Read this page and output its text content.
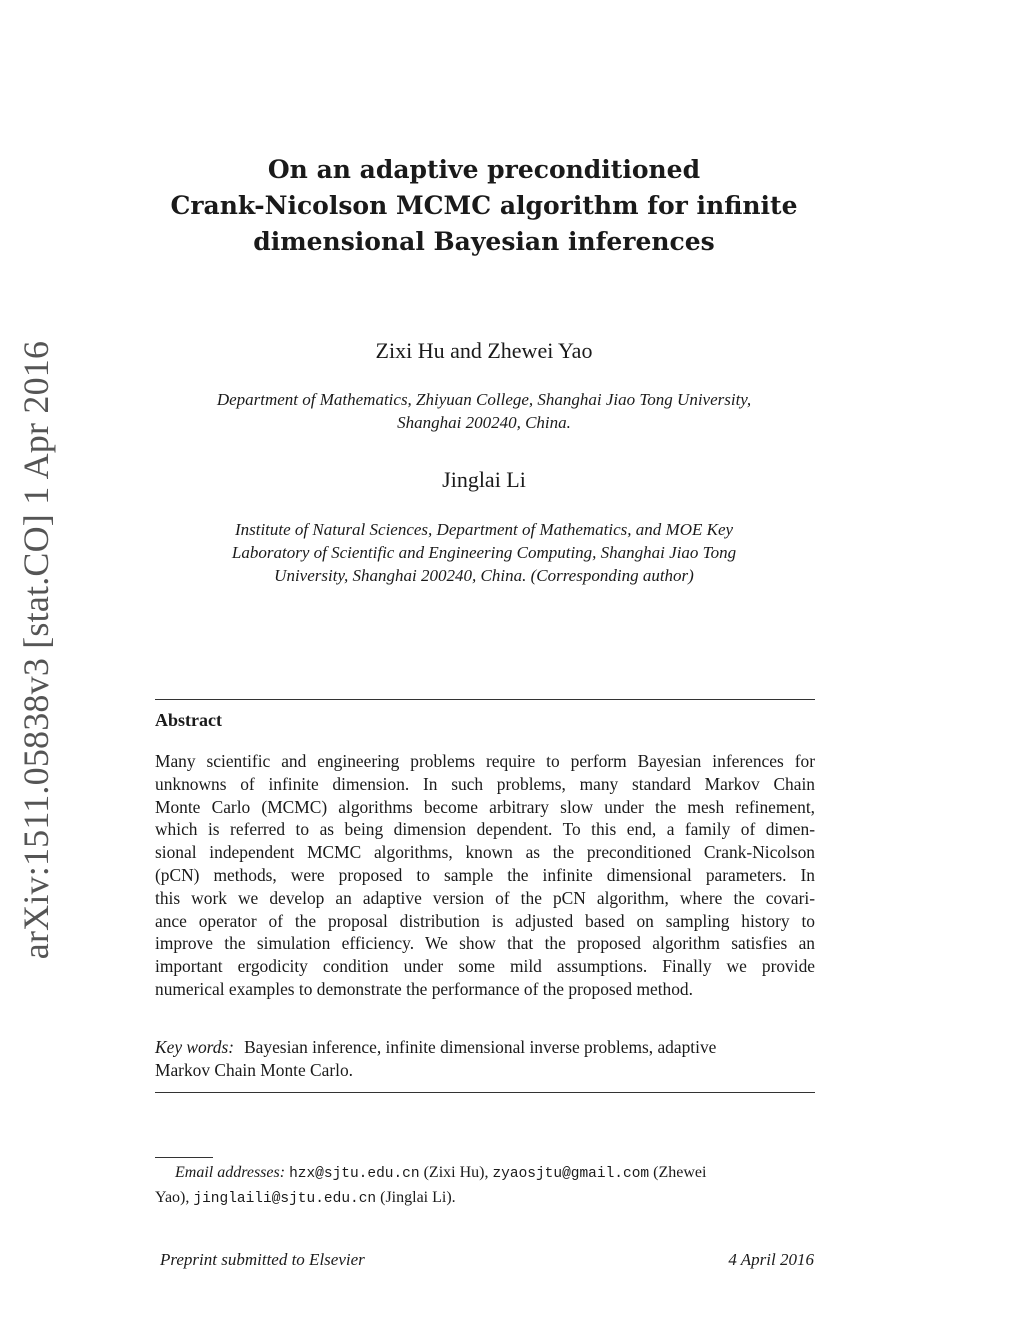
arXiv:1511.05838v3 [stat.CO] 1 Apr 2016
On an adaptive preconditioned
Crank-Nicolson MCMC algorithm for infinite
dimensional Bayesian inferences
Zixi Hu and Zhewei Yao
Department of Mathematics, Zhiyuan College, Shanghai Jiao Tong University,
Shanghai 200240, China.
Jinglai Li
Institute of Natural Sciences, Department of Mathematics, and MOE Key
Laboratory of Scientific and Engineering Computing, Shanghai Jiao Tong
University, Shanghai 200240, China. (Corresponding author)
Abstract
Many scientific and engineering problems require to perform Bayesian inferences for
unknowns of infinite dimension. In such problems, many standard Markov Chain
Monte Carlo (MCMC) algorithms become arbitrary slow under the mesh refinement,
which is referred to as being dimension dependent. To this end, a family of dimen-
sional independent MCMC algorithms, known as the preconditioned Crank-Nicolson
(pCN) methods, were proposed to sample the infinite dimensional parameters. In
this work we develop an adaptive version of the pCN algorithm, where the covari-
ance operator of the proposal distribution is adjusted based on sampling history to
improve the simulation efficiency. We show that the proposed algorithm satisfies an
important ergodicity condition under some mild assumptions. Finally we provide
numerical examples to demonstrate the performance of the proposed method.
Key words: Bayesian inference, infinite dimensional inverse problems, adaptive
Markov Chain Monte Carlo.
Email addresses: hzx@sjtu.edu.cn (Zixi Hu), zyaosjtu@gmail.com (Zhewei
Yao), jinglaili@sjtu.edu.cn (Jinglai Li).
Preprint submitted to Elsevier	4 April 2016
